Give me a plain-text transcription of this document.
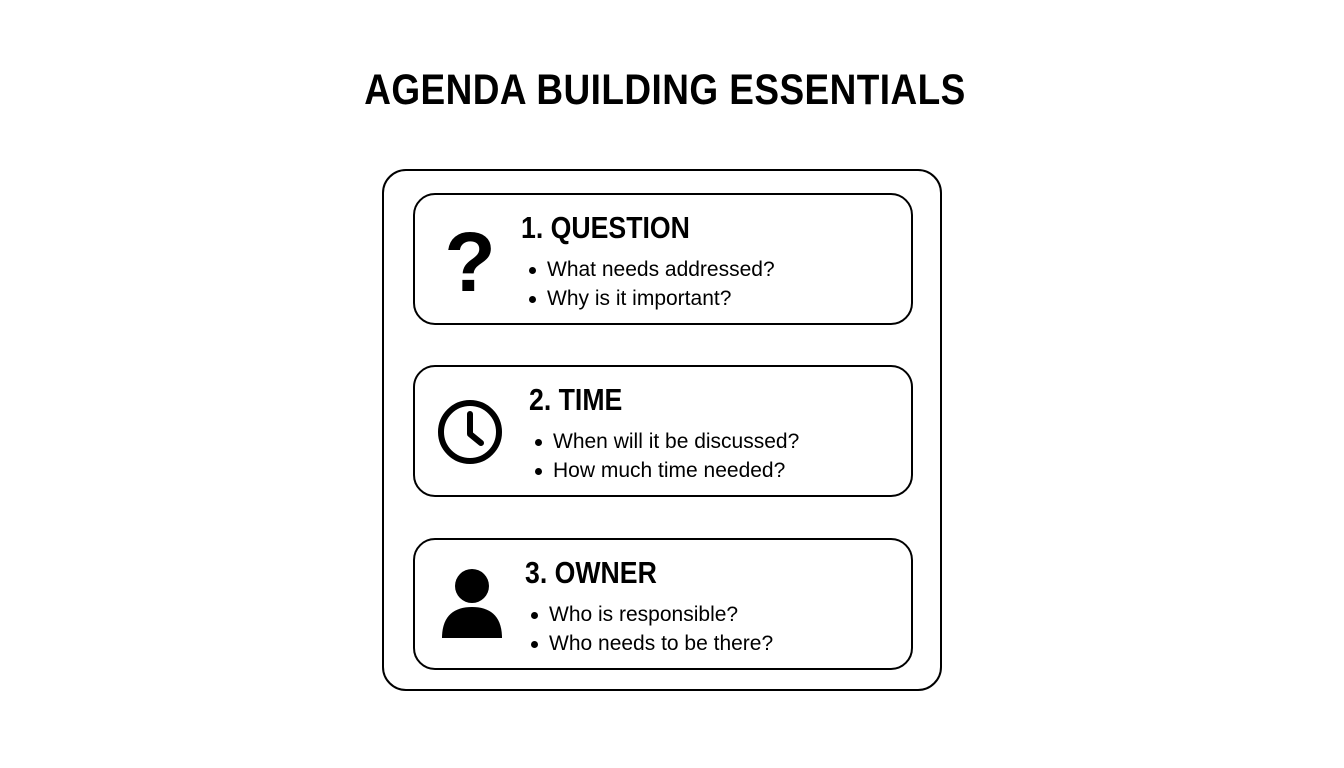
AGENDA BUILDING ESSENTIALS
? 1. QUESTION
What needs addressed?
Why is it important?
2. TIME
When will it be discussed?
How much time needed?
3. OWNER
Who is responsible?
Who needs to be there?
